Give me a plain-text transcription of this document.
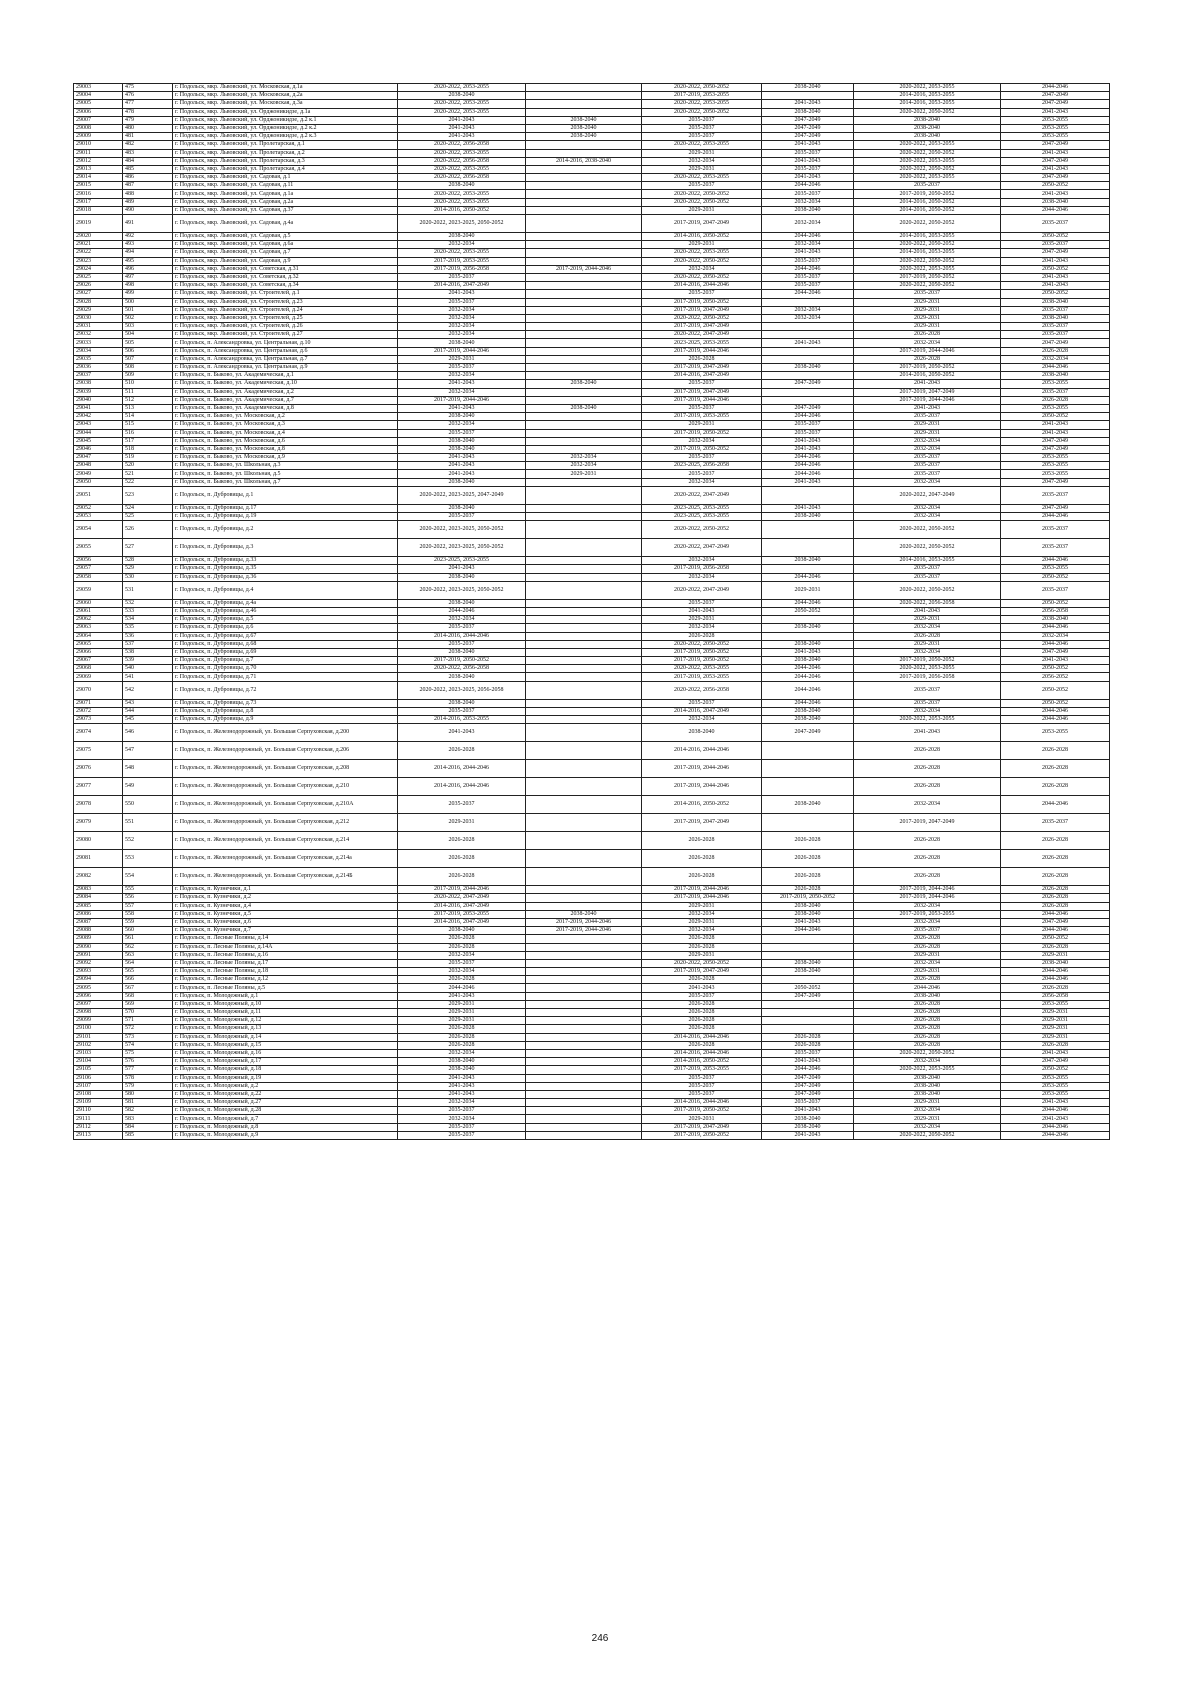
29003	475	г. Подольск, мкр. Львовский, ул. Московская, д.1а	2020-2022, 2053-2055		2020-2022, 2050-2052	2038-2040	2020-2022, 2053-2055	2044-2046
29004	476	г. Подольск, мкр. Львовский, ул. Московская, д.2а	2038-2040		2017-2019, 2053-2055		2014-2016, 2053-2055	2047-2049
29005	477	г. Подольск, мкр. Львовский, ул. Московская, д.3а	2020-2022, 2053-2055		2020-2022, 2053-2055	2041-2043	2014-2016, 2053-2055	2047-2049
29006	478	г. Подольск, мкр. Львовский, ул. Орджоникидзе, д.1а	2020-2022, 2053-2055		2020-2022, 2050-2052	2038-2040	2020-2022, 2050-2052	2041-2043
29007	479	г. Подольск, мкр. Львовский, ул. Орджоникидзе, д.2 к.1	2041-2043	2038-2040	2035-2037	2047-2049	2038-2040	2053-2055
29008	480	г. Подольск, мкр. Львовский, ул. Орджоникидзе, д.2 к.2	2041-2043	2038-2040	2035-2037	2047-2049	2038-2040	2053-2055
29009	481	г. Подольск, мкр. Львовский, ул. Орджоникидзе, д.2 к.3	2041-2043	2038-2040	2035-2037	2047-2049	2038-2040	2053-2055
29010	482	г. Подольск, мкр. Львовский, ул. Пролетарская, д.1	2020-2022, 2056-2058		2020-2022, 2053-2055	2041-2043	2020-2022, 2053-2055	2047-2049
29011	483	г. Подольск, мкр. Львовский, ул. Пролетарская, д.2	2020-2022, 2053-2055		2029-2031	2035-2037	2020-2022, 2050-2052	2041-2043
29012	484	г. Подольск, мкр. Львовский, ул. Пролетарская, д.3	2020-2022, 2056-2058	2014-2016, 2038-2040	2032-2034	2041-2043	2020-2022, 2053-2055	2047-2049
29013	485	г. Подольск, мкр. Львовский, ул. Пролетарская, д.4	2020-2022, 2053-2055		2029-2031	2035-2037	2020-2022, 2050-2052	2041-2043
29014	486	г. Подольск, мкр. Львовский, ул. Садовая, д.1	2020-2022, 2056-2058		2020-2022, 2053-2055	2041-2043	2020-2022, 2053-2055	2047-2049
29015	487	г. Подольск, мкр. Львовский, ул. Садовая, д.11	2038-2040		2035-2037	2044-2046	2035-2037	2050-2052
29016	488	г. Подольск, мкр. Львовский, ул. Садовая, д.1а	2020-2022, 2053-2055		2020-2022, 2050-2052	2035-2037	2017-2019, 2050-2052	2041-2043
29017	489	г. Подольск, мкр. Львовский, ул. Садовая, д.2а	2020-2022, 2053-2055		2020-2022, 2050-2052	2032-2034	2014-2016, 2050-2052	2038-2040
29018	490	г. Подольск, мкр. Львовский, ул. Садовая, д.37	2014-2016, 2050-2052		2029-2031	2038-2040	2014-2016, 2050-2052	2044-2046
29019	491	г. Подольск, мкр. Львовский, ул. Садовая, д.4а	2020-2022, 2023-2025, 2050-2052		2017-2019, 2047-2049	2032-2034	2020-2022, 2050-2052	2035-2037
29020	492	г. Подольск, мкр. Львовский, ул. Садовая, д.5	2038-2040		2014-2016, 2050-2052	2044-2046	2014-2016, 2053-2055	2050-2052
29021	493	г. Подольск, мкр. Львовский, ул. Садовая, д.6а	2032-2034		2029-2031	2032-2034	2020-2022, 2050-2052	2035-2037
29022	494	г. Подольск, мкр. Львовский, ул. Садовая, д.7	2020-2022, 2053-2055		2020-2022, 2053-2055	2041-2043	2014-2016, 2053-2055	2047-2049
29023	495	г. Подольск, мкр. Львовский, ул. Садовая, д.9	2017-2019, 2053-2055		2020-2022, 2050-2052	2035-2037	2020-2022, 2050-2052	2041-2043
29024	496	г. Подольск, мкр. Львовский, ул. Советская, д.31	2017-2019, 2056-2058	2017-2019, 2044-2046	2032-2034	2044-2046	2020-2022, 2053-2055	2050-2052
29025	497	г. Подольск, мкр. Львовский, ул. Советская, д.32	2035-2037		2020-2022, 2050-2052	2035-2037	2017-2019, 2050-2052	2041-2043
29026	498	г. Подольск, мкр. Львовский, ул. Советская, д.34	2014-2016, 2047-2049		2014-2016, 2044-2046	2035-2037	2020-2022, 2050-2052	2041-2043
29027	499	г. Подольск, мкр. Львовский, ул. Строителей, д.1	2041-2043		2035-2037	2044-2046	2035-2037	2050-2052
29028	500	г. Подольск, мкр. Львовский, ул. Строителей, д.23	2035-2037		2017-2019, 2050-2052		2029-2031	2038-2040
29029	501	г. Подольск, мкр. Львовский, ул. Строителей, д.24	2032-2034		2017-2019, 2047-2049	2032-2034	2029-2031	2035-2037
29030	502	г. Подольск, мкр. Львовский, ул. Строителей, д.25	2032-2034		2020-2022, 2050-2052	2032-2034	2029-2031	2038-2040
29031	503	г. Подольск, мкр. Львовский, ул. Строителей, д.26	2032-2034		2017-2019, 2047-2049		2029-2031	2035-2037
29032	504	г. Подольск, мкр. Львовский, ул. Строителей, д.27	2032-2034		2020-2022, 2047-2049		2026-2028	2035-2037
29033	505	г. Подольск, п. Александровка, ул. Центральная, д.10	2038-2040		2023-2025, 2053-2055	2041-2043	2032-2034	2047-2049
29034	506	г. Подольск, п. Александровка, ул. Центральная, д.6	2017-2019, 2044-2046		2017-2019, 2044-2046		2017-2019, 2044-2046	2026-2028
29035	507	г. Подольск, п. Александровка, ул. Центральная, д.7	2029-2031		2026-2028		2026-2028	2032-2034
29036	508	г. Подольск, п. Александровка, ул. Центральная, д.9	2035-2037		2017-2019, 2047-2049	2038-2040	2017-2019, 2050-2052	2044-2046
29037	509	г. Подольск, п. Быково, ул. Академическая, д.1	2032-2034		2014-2016, 2047-2049		2014-2016, 2050-2052	2038-2040
29038	510	г. Подольск, п. Быково, ул. Академическая, д.10	2041-2043	2038-2040	2035-2037	2047-2049	2041-2043	2053-2055
29039	511	г. Подольск, п. Быково, ул. Академическая, д.2	2032-2034		2017-2019, 2047-2049		2017-2019, 2047-2049	2035-2037
29040	512	г. Подольск, п. Быково, ул. Академическая, д.7	2017-2019, 2044-2046		2017-2019, 2044-2046		2017-2019, 2044-2046	2026-2028
29041	513	г. Подольск, п. Быково, ул. Академическая, д.8	2041-2043	2038-2040	2035-2037	2047-2049	2041-2043	2053-2055
29042	514	г. Подольск, п. Быково, ул. Московская, д.2	2038-2040		2017-2019, 2053-2055	2044-2046	2035-2037	2050-2052
29043	515	г. Подольск, п. Быково, ул. Московская, д.3	2032-2034		2029-2031	2035-2037	2029-2031	2041-2043
29044	516	г. Подольск, п. Быково, ул. Московская, д.4	2035-2037		2017-2019, 2050-2052	2035-2037	2029-2031	2041-2043
29045	517	г. Подольск, п. Быково, ул. Московская, д.6	2038-2040		2032-2034	2041-2043	2032-2034	2047-2049
29046	518	г. Подольск, п. Быково, ул. Московская, д.8	2038-2040		2017-2019, 2050-2052	2041-2043	2032-2034	2047-2049
29047	519	г. Подольск, п. Быково, ул. Московская, д.9	2041-2043	2032-2034	2035-2037	2044-2046	2035-2037	2053-2055
29048	520	г. Подольск, п. Быково, ул. Школьная, д.3	2041-2043	2032-2034	2023-2025, 2056-2058	2044-2046	2035-2037	2053-2055
29049	521	г. Подольск, п. Быково, ул. Школьная, д.5	2041-2043	2029-2031	2035-2037	2044-2046	2035-2037	2053-2055
29050	522	г. Подольск, п. Быково, ул. Школьная, д.7	2038-2040		2032-2034	2041-2043	2032-2034	2047-2049
29051	523	г. Подольск, п. Дубровицы, д.1	2020-2022, 2023-2025, 2047-2049		2020-2022, 2047-2049		2020-2022, 2047-2049	2035-2037
29052	524	г. Подольск, п. Дубровицы, д.17	2038-2040		2023-2025, 2053-2055	2041-2043	2032-2034	2047-2049
29053	525	г. Подольск, п. Дубровицы, д.19	2035-2037		2023-2025, 2053-2055	2038-2040	2032-2034	2044-2046
29054	526	г. Подольск, п. Дубровицы, д.2	2020-2022, 2023-2025, 2050-2052		2020-2022, 2050-2052		2020-2022, 2050-2052	2035-2037
29055	527	г. Подольск, п. Дубровицы, д.3	2020-2022, 2023-2025, 2050-2052		2020-2022, 2047-2049		2020-2022, 2050-2052	2035-2037
29056	528	г. Подольск, п. Дубровицы, д.33	2023-2025, 2053-2055		2032-2034	2038-2040	2014-2016, 2053-2055	2044-2046
29057	529	г. Подольск, п. Дубровицы, д.35	2041-2043		2017-2019, 2056-2058		2035-2037	2053-2055
29058	530	г. Подольск, п. Дубровицы, д.36	2038-2040		2032-2034	2044-2046	2035-2037	2050-2052
29059	531	г. Подольск, п. Дубровицы, д.4	2020-2022, 2023-2025, 2050-2052		2020-2022, 2047-2049	2029-2031	2020-2022, 2050-2052	2035-2037
29060	532	г. Подольск, п. Дубровицы, д.4а	2038-2040		2035-2037	2044-2046	2020-2022, 2056-2058	2050-2052
29061	533	г. Подольск, п. Дубровицы, д.46	2044-2046		2041-2043	2050-2052	2041-2043	2056-2058
29062	534	г. Подольск, п. Дубровицы, д.5	2032-2034		2029-2031		2029-2031	2038-2040
29063	535	г. Подольск, п. Дубровицы, д.6	2035-2037		2032-2034	2038-2040	2032-2034	2044-2046
29064	536	г. Подольск, п. Дубровицы, д.67	2014-2016, 2044-2046		2026-2028		2026-2028	2032-2034
29065	537	г. Подольск, п. Дубровицы, д.68	2035-2037		2020-2022, 2050-2052	2038-2040	2029-2031	2044-2046
29066	538	г. Подольск, п. Дубровицы, д.69	2038-2040		2017-2019, 2050-2052	2041-2043	2032-2034	2047-2049
29067	539	г. Подольск, п. Дубровицы, д.7	2017-2019, 2050-2052		2017-2019, 2050-2052	2038-2040	2017-2019, 2050-2052	2041-2043
29068	540	г. Подольск, п. Дубровицы, д.70	2020-2022, 2056-2058		2020-2022, 2053-2055	2044-2046	2020-2022, 2053-2055	2050-2052
29069	541	г. Подольск, п. Дубровицы, д.71	2038-2040		2017-2019, 2053-2055	2044-2046	2017-2019, 2056-2058	2056-2052
29070	542	г. Подольск, п. Дубровицы, д.72	2020-2022, 2023-2025, 2056-2058		2020-2022, 2056-2058	2044-2046	2035-2037	2050-2052
29071	543	г. Подольск, п. Дубровицы, д.73	2038-2040		2035-2037	2044-2046	2035-2037	2050-2052
29072	544	г. Подольск, п. Дубровицы, д.8	2035-2037		2014-2016, 2047-2049	2038-2040	2032-2034	2044-2046
29073	545	г. Подольск, п. Дубровицы, д.9	2014-2016, 2053-2055		2032-2034	2038-2040	2020-2022, 2053-2055	2044-2046
29074	546	г. Подольск, п. Железнодорожный, ул. Большая Серпуховская, д.200	2041-2043		2038-2040	2047-2049	2041-2043	2053-2055
29075	547	г. Подольск, п. Железнодорожный, ул. Большая Серпуховская, д.206	2026-2028		2014-2016, 2044-2046		2026-2028	2026-2028
29076	548	г. Подольск, п. Железнодорожный, ул. Большая Серпуховская, д.208	2014-2016, 2044-2046		2017-2019, 2044-2046		2026-2028	2026-2028
29077	549	г. Подольск, п. Железнодорожный, ул. Большая Серпуховская, д.210	2014-2016, 2044-2046		2017-2019, 2044-2046		2026-2028	2026-2028
29078	550	г. Подольск, п. Железнодорожный, ул. Большая Серпуховская, д.210А	2035-2037		2014-2016, 2050-2052	2038-2040	2032-2034	2044-2046
29079	551	г. Подольск, п. Железнодорожный, ул. Большая Серпуховская, д.212	2029-2031		2017-2019, 2047-2049		2017-2019, 2047-2049	2035-2037
29080	552	г. Подольск, п. Железнодорожный, ул. Большая Серпуховская, д.214	2026-2028		2026-2028	2026-2028	2026-2028	2026-2028
29081	553	г. Подольск, п. Железнодорожный, ул. Большая Серпуховская, д.214а	2026-2028		2026-2028	2026-2028	2026-2028	2026-2028
29082	554	г. Подольск, п. Железнодорожный, ул. Большая Серпуховская, д.214Б	2026-2028		2026-2028	2026-2028	2026-2028	2026-2028
29083	555	г. Подольск, п. Кузнечики, д.1	2017-2019, 2044-2046		2017-2019, 2044-2046	2026-2028	2017-2019, 2044-2046	2026-2028
29084	556	г. Подольск, п. Кузнечики, д.2	2020-2022, 2047-2049		2017-2019, 2044-2046	2017-2019, 2050-2052	2017-2019, 2044-2046	2026-2028
29085	557	г. Подольск, п. Кузнечики, д.4	2014-2016, 2047-2049		2029-2031	2038-2040	2032-2034	2026-2028
29086	558	г. Подольск, п. Кузнечики, д.5	2017-2019, 2053-2055	2038-2040	2032-2034	2038-2040	2017-2019, 2053-2055	2044-2046
29087	559	г. Подольск, п. Кузнечики, д.6	2014-2016, 2047-2049	2017-2019, 2044-2046	2029-2031	2041-2043	2032-2034	2047-2049
29088	560	г. Подольск, п. Кузнечики, д.7	2038-2040	2017-2019, 2044-2046	2032-2034	2044-2046	2035-2037	2044-2046
29089	561	г. Подольск, п. Лесные Поляны, д.14	2026-2028		2026-2028		2026-2028	2050-2052
29090	562	г. Подольск, п. Лесные Поляны, д.14А	2026-2028		2026-2028		2026-2028	2026-2028
29091	563	г. Подольск, п. Лесные Поляны, д.16	2032-2034		2029-2031		2029-2031	2029-2031
29092	564	г. Подольск, п. Лесные Поляны, д.17	2035-2037		2020-2022, 2050-2052	2038-2040	2032-2034	2038-2040
29093	565	г. Подольск, п. Лесные Поляны, д.18	2032-2034		2017-2019, 2047-2049	2038-2040	2029-2031	2044-2046
29094	566	г. Подольск, п. Лесные Поляны, д.12	2026-2028		2026-2028		2026-2028	2044-2046
29095	567	г. Подольск, п. Лесные Поляны, д.5	2044-2046		2041-2043	2050-2052	2044-2046	2026-2028
29096	568	г. Подольск, п. Молодежный, д.1	2041-2043		2035-2037	2047-2049	2038-2040	2056-2058
29097	569	г. Подольск, п. Молодежный, д.10	2029-2031		2026-2028		2026-2028	2053-2055
29098	570	г. Подольск, п. Молодежный, д.11	2029-2031		2026-2028		2026-2028	2029-2031
29099	571	г. Подольск, п. Молодежный, д.12	2029-2031		2026-2028		2026-2028	2029-2031
29100	572	г. Подольск, п. Молодежный, д.13	2026-2028		2026-2028		2026-2028	2029-2031
29101	573	г. Подольск, п. Молодежный, д.14	2026-2028		2014-2016, 2044-2046	2026-2028	2026-2028	2029-2031
29102	574	г. Подольск, п. Молодежный, д.15	2026-2028		2026-2028	2026-2028	2026-2028	2026-2028
29103	575	г. Подольск, п. Молодежный, д.16	2032-2034		2014-2016, 2044-2046	2035-2037	2020-2022, 2050-2052	2041-2043
29104	576	г. Подольск, п. Молодежный, д.17	2038-2040		2014-2016, 2050-2052	2041-2043	2032-2034	2047-2049
29105	577	г. Подольск, п. Молодежный, д.18	2038-2040		2017-2019, 2053-2055	2044-2046	2020-2022, 2053-2055	2050-2052
29106	578	г. Подольск, п. Молодежный, д.19	2041-2043		2035-2037	2047-2049	2038-2040	2053-2055
29107	579	г. Подольск, п. Молодежный, д.2	2041-2043		2035-2037	2047-2049	2038-2040	2053-2055
29108	580	г. Подольск, п. Молодежный, д.22	2041-2043		2035-2037	2047-2049	2038-2040	2053-2055
29109	581	г. Подольск, п. Молодежный, д.27	2032-2034		2014-2016, 2044-2046	2035-2037	2029-2031	2041-2043
29110	582	г. Подольск, п. Молодежный, д.28	2035-2037		2017-2019, 2050-2052	2041-2043	2032-2034	2044-2046
29111	583	г. Подольск, п. Молодежный, д.7	2032-2034		2029-2031	2038-2040	2029-2031	2041-2043
29112	584	г. Подольск, п. Молодежный, д.8	2035-2037		2017-2019, 2047-2049	2038-2040	2032-2034	2044-2046
29113	585	г. Подольск, п. Молодежный, д.9	2035-2037		2017-2019, 2050-2052	2041-2043	2020-2022, 2050-2052	2044-2046
246
